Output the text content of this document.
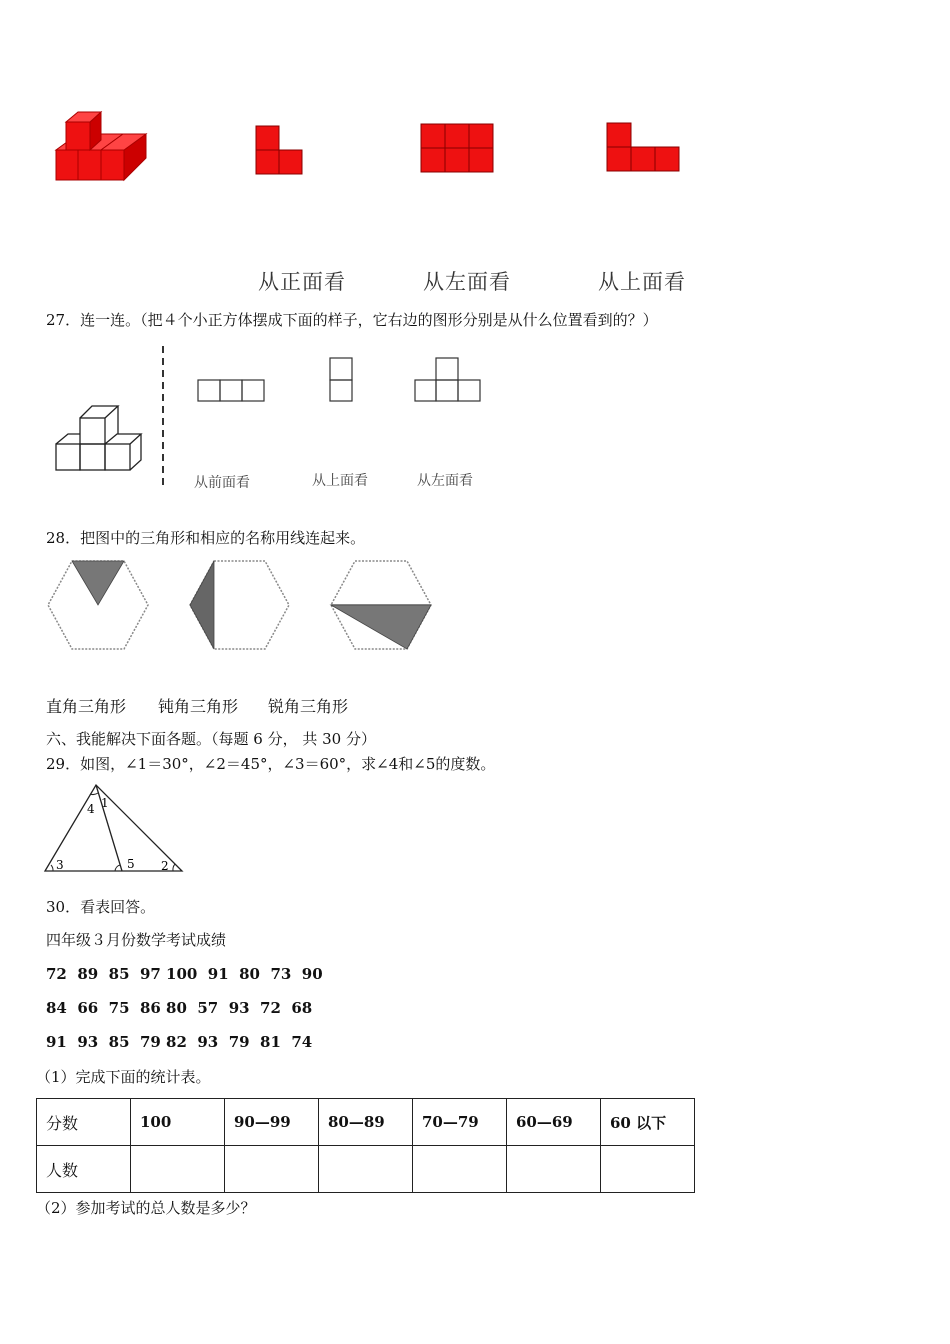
从正面看	从左面看	从上面看
27．连一连。（把４个小正方体摆成下面的样子，它右边的图形分别是从什么位置看到的？）
从前面看	从上面看	从左面看
28．把图中的三角形和相应的名称用线连起来。
直角三角形 钝角三角形 锐角三角形
六、我能解决下面各题。（每题 6 分， 共 30 分）
29．如图，∠1＝30°，∠2＝45°，∠3＝60°，求∠4和∠5的度数。
4 1
3	5 2
30．看表回答。
四年级３月份数学考试成绩
72  89  85  97 100  91  80  73  90
84  66  75  86 80  57  93  72  68
91  93  85  79 82  93  79  81  74
（1）完成下面的统计表。
分数	100	90—99	80—89	70—79	60—69	60 以下
人数						
（2）参加考试的总人数是多少？
